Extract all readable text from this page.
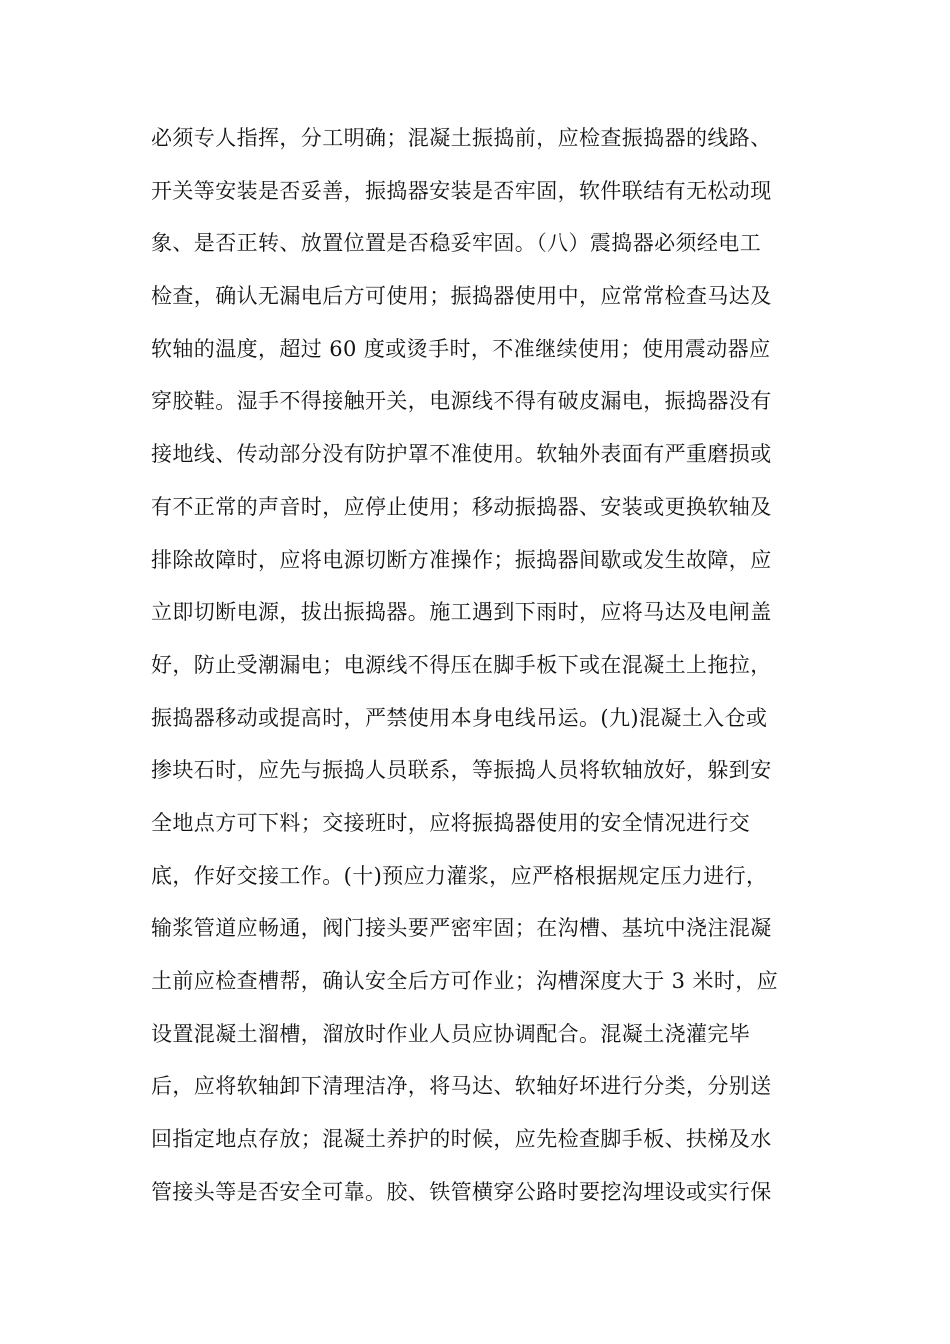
必须专人指挥，分工明确；混凝土振捣前，应检查振捣器的线路、
开关等安装是否妥善，振捣器安装是否牢固，软件联结有无松动现
象、是否正转、放置位置是否稳妥牢固。（八）震捣器必须经电工
检查，确认无漏电后方可使用；振捣器使用中，应常常检查马达及
软轴的温度，超过 60 度或烫手时，不准继续使用；使用震动器应
穿胶鞋。湿手不得接触开关，电源线不得有破皮漏电，振捣器没有
接地线、传动部分没有防护罩不准使用。软轴外表面有严重磨损或
有不正常的声音时，应停止使用；移动振捣器、安装或更换软轴及
排除故障时，应将电源切断方准操作；振捣器间歇或发生故障，应
立即切断电源，拔出振捣器。施工遇到下雨时，应将马达及电闸盖
好，防止受潮漏电；电源线不得压在脚手板下或在混凝土上拖拉，
振捣器移动或提高时，严禁使用本身电线吊运。(九)混凝土入仓或
掺块石时，应先与振捣人员联系，等振捣人员将软轴放好，躲到安
全地点方可下料；交接班时，应将振捣器使用的安全情况进行交
底，作好交接工作。(十)预应力灌浆，应严格根据规定压力进行，
输浆管道应畅通，阀门接头要严密牢固；在沟槽、基坑中浇注混凝
土前应检查槽帮，确认安全后方可作业；沟槽深度大于 3 米时，应
设置混凝土溜槽，溜放时作业人员应协调配合。混凝土浇灌完毕
后，应将软轴卸下清理洁净，将马达、软轴好坏进行分类，分别送
回指定地点存放；混凝土养护的时候，应先检查脚手板、扶梯及水
管接头等是否安全可靠。胶、铁管横穿公路时要挖沟埋设或实行保
